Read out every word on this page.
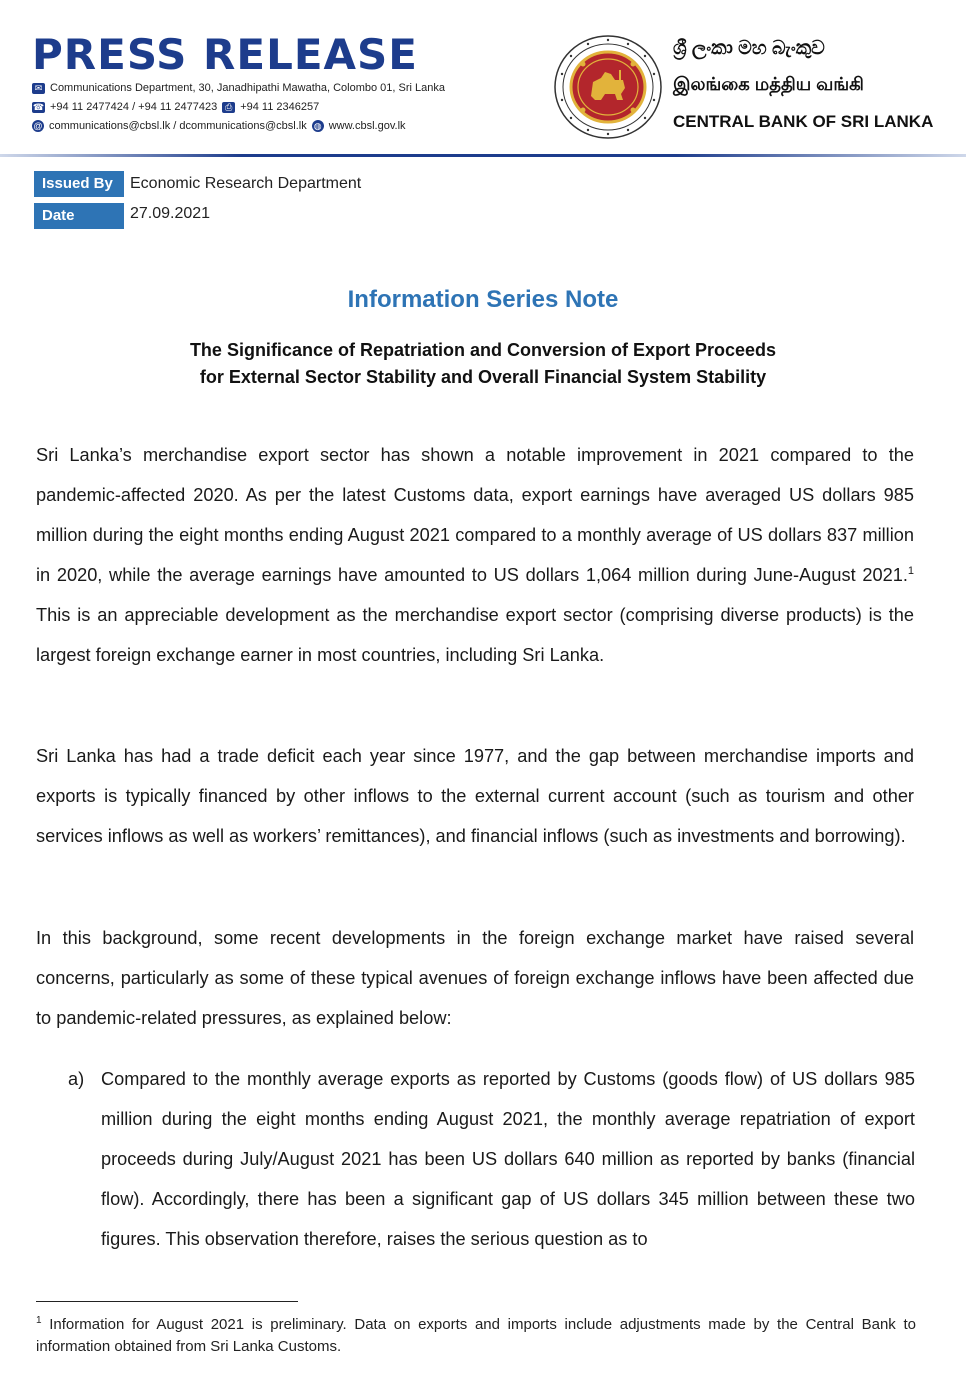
PRESS RELEASE
✉ Communications Department, 30, Janadhipathi Mawatha, Colombo 01, Sri Lanka
☎ +94 11 2477424 / +94 11 2477423 ⎙ +94 11 2346257
@ communications@cbsl.lk / dcommunications@cbsl.lk ◍ www.cbsl.gov.lk
ශ්‍රී ලංකා මහ බැංකුව
இலங்கை மத்திய வங்கி
CENTRAL BANK OF SRI LANKA
Issued By	Economic Research Department
Date	27.09.2021
Information Series Note
The Significance of Repatriation and Conversion of Export Proceeds
for External Sector Stability and Overall Financial System Stability
Sri Lanka’s merchandise export sector has shown a notable improvement in 2021 compared to the pandemic-affected 2020. As per the latest Customs data, export earnings have averaged US dollars 985 million during the eight months ending August 2021 compared to a monthly average of US dollars 837 million in 2020, while the average earnings have amounted to US dollars 1,064 million during June-August 2021.$^1$ This is an appreciable development as the merchandise export sector (comprising diverse products) is the largest foreign exchange earner in most countries, including Sri Lanka.
Sri Lanka has had a trade deficit each year since 1977, and the gap between merchandise imports and exports is typically financed by other inflows to the external current account (such as tourism and other services inflows as well as workers’ remittances), and financial inflows (such as investments and borrowing).
In this background, some recent developments in the foreign exchange market have raised several concerns, particularly as some of these typical avenues of foreign exchange inflows have been affected due to pandemic-related pressures, as explained below:
a) Compared to the monthly average exports as reported by Customs (goods flow) of US dollars 985 million during the eight months ending August 2021, the monthly average repatriation of export proceeds during July/August 2021 has been US dollars 640 million as reported by banks (financial flow). Accordingly, there has been a significant gap of US dollars 345 million between these two figures. This observation therefore, raises the serious question as to
$^1$ Information for August 2021 is preliminary. Data on exports and imports include adjustments made by the Central Bank to information obtained from Sri Lanka Customs.
